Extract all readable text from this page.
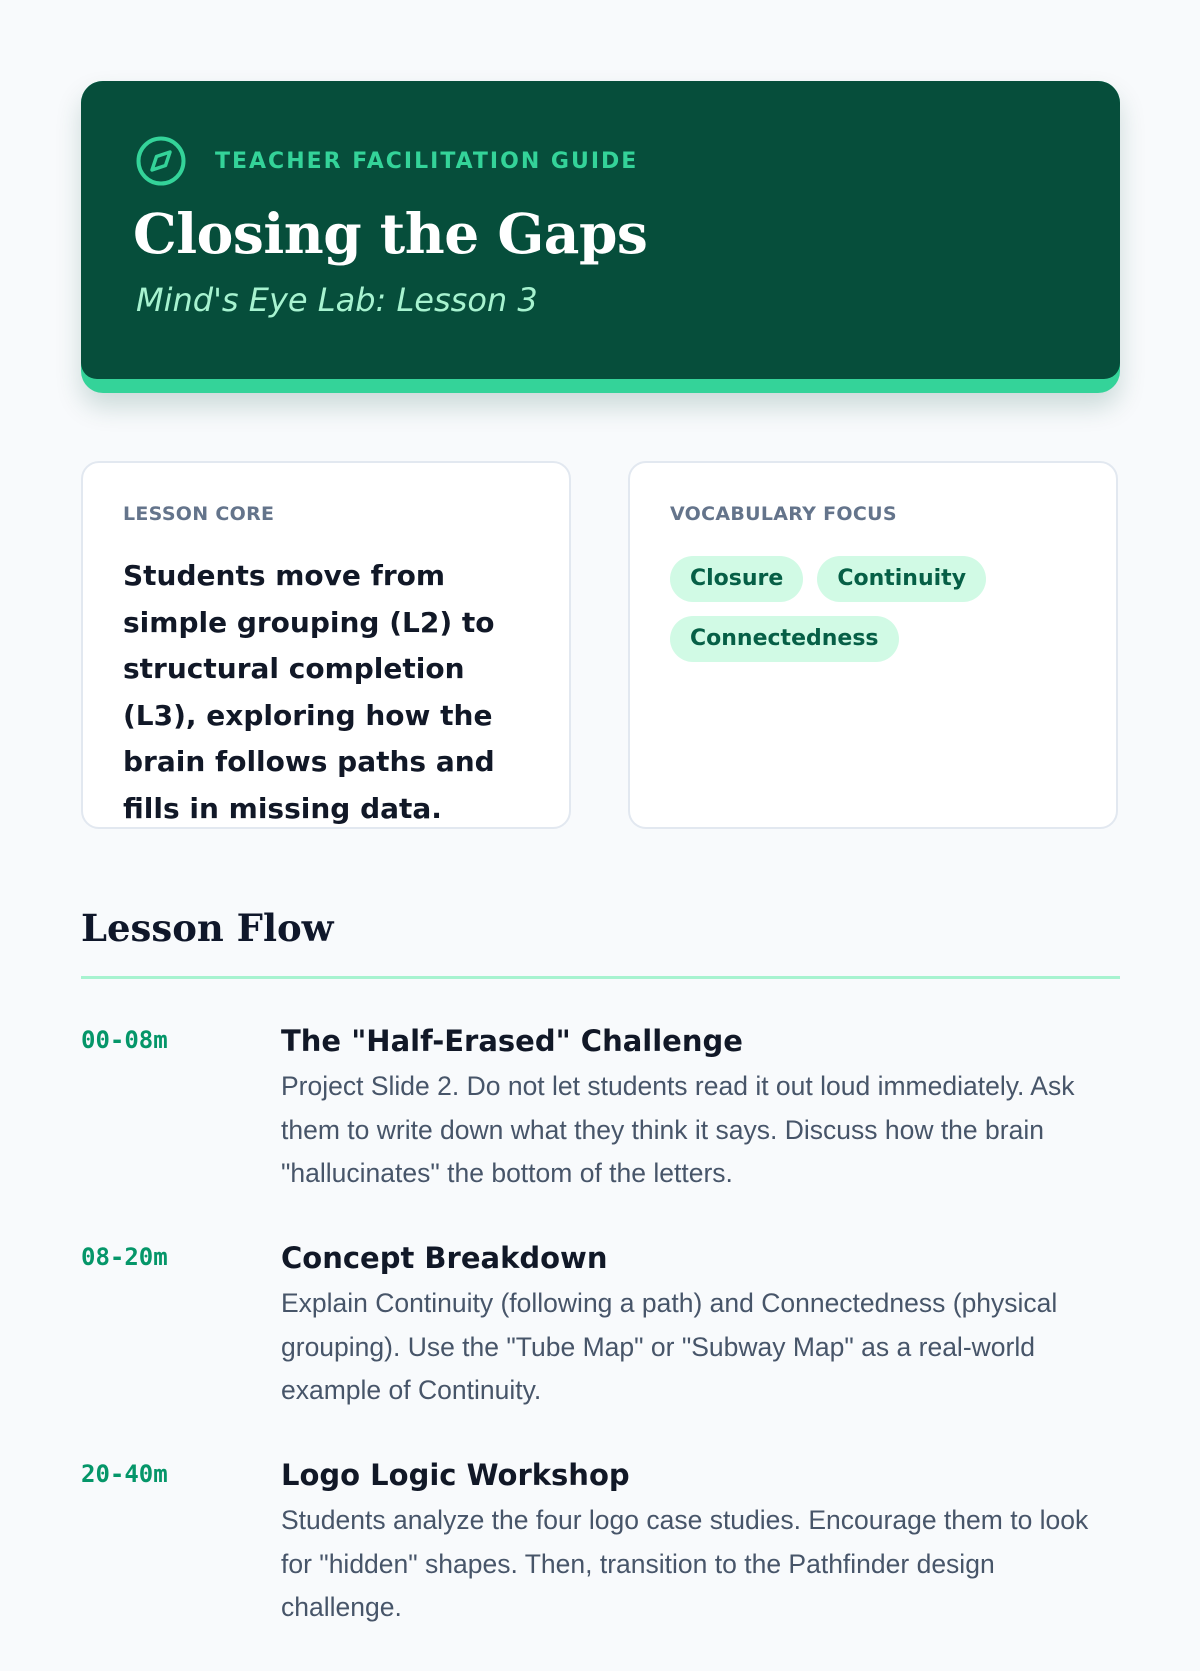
TEACHER FACILITATION GUIDE
Closing the Gaps

Mind's Eye Lab: Lesson 3

LESSON CORE

Students move from simple grouping (L2) to structural completion (L3), exploring how the brain follows paths and fills in missing data.

VOCABULARY FOCUS
Closure	Continuity
Connectedness
Lesson Flow
00-08m	The "Half-Erased" Challenge

Project Slide 2. Do not let students read it out loud immediately. Ask them to write down what they think it says. Discuss how the brain "hallucinates" the bottom of the letters.

08-20m	Concept Breakdown

Explain Continuity (following a path) and Connectedness (physical grouping). Use the "Tube Map" or "Subway Map" as a real-world example of Continuity.

20-40m	Logo Logic Workshop

Students analyze the four logo case studies. Encourage them to look for "hidden" shapes. Then, transition to the Pathfinder design challenge.
